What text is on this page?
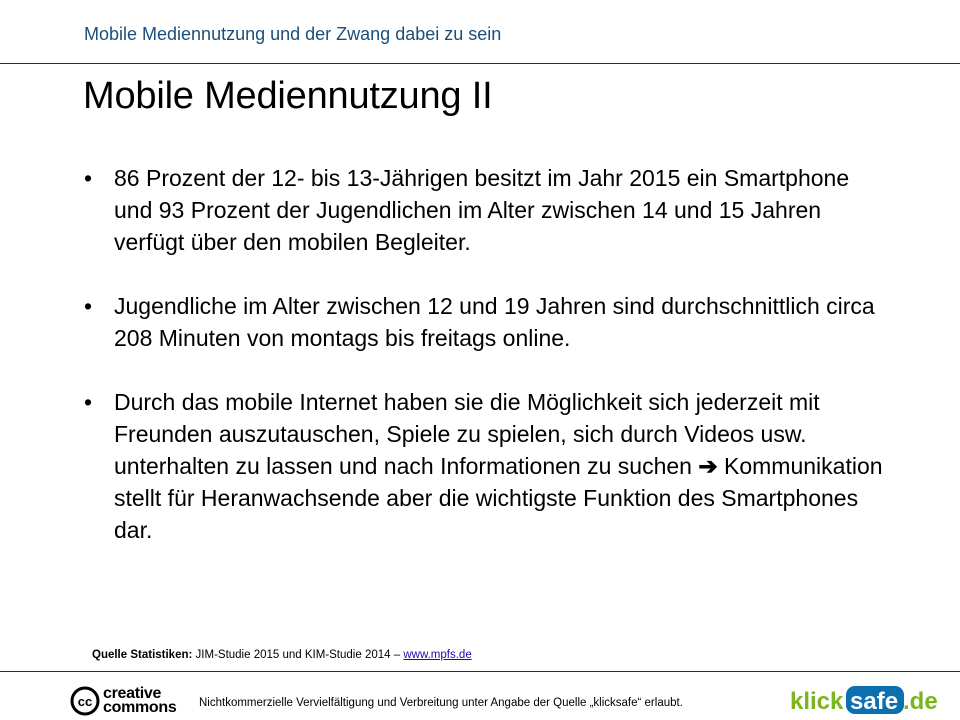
Mobile Mediennutzung und der Zwang dabei zu sein
Mobile Mediennutzung II
• 86 Prozent der 12- bis 13-Jährigen besitzt im Jahr 2015 ein Smartphone und 93 Prozent der Jugendlichen im Alter zwischen 14 und 15 Jahren verfügt über den mobilen Begleiter.
• Jugendliche im Alter zwischen 12 und 19 Jahren sind durchschnittlich circa 208 Minuten von montags bis freitags online.
• Durch das mobile Internet haben sie die Möglichkeit sich jederzeit mit Freunden auszutauschen, Spiele zu spielen, sich durch Videos usw. unterhalten zu lassen und nach Informationen zu suchen ➔ Kommunikation stellt für Heranwachsende aber die wichtigste Funktion des Smartphones dar.
Quelle Statistiken: JIM-Studie 2015 und KIM-Studie 2014 – www.mpfs.de
cc creative
commons Nichtkommerzielle Vervielfältigung und Verbreitung unter Angabe der Quelle „klicksafe“ erlaubt.	klick safe .de
